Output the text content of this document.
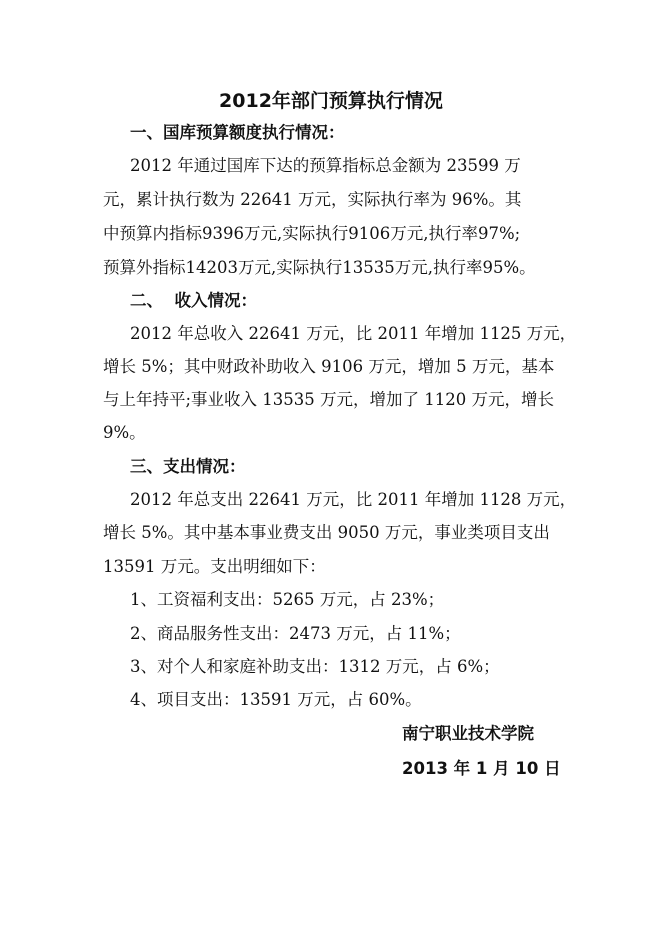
2012年部门预算执行情况
一、国库预算额度执行情况：
2012 年通过国库下达的预算指标总金额为 23599 万
元，累计执行数为 22641 万元，实际执行率为 96%。其
中预算内指标9396万元,实际执行9106万元,执行率97%;
预算外指标14203万元,实际执行13535万元,执行率95%。
二、  收入情况：
2012 年总收入 22641 万元，比 2011 年增加 1125 万元，
增长 5%；其中财政补助收入 9106 万元，增加 5 万元，基本
与上年持平;事业收入 13535 万元，增加了 1120 万元，增长
9%。
三、支出情况：
2012 年总支出 22641 万元，比 2011 年增加 1128 万元，
增长 5%。其中基本事业费支出 9050 万元，事业类项目支出
13591 万元。支出明细如下：
1、工资福利支出：5265 万元，占 23%；
2、商品服务性支出：2473 万元，占 11%；
3、对个人和家庭补助支出：1312 万元，占 6%；
4、项目支出：13591 万元，占 60%。
南宁职业技术学院
2013 年 1 月 10 日
